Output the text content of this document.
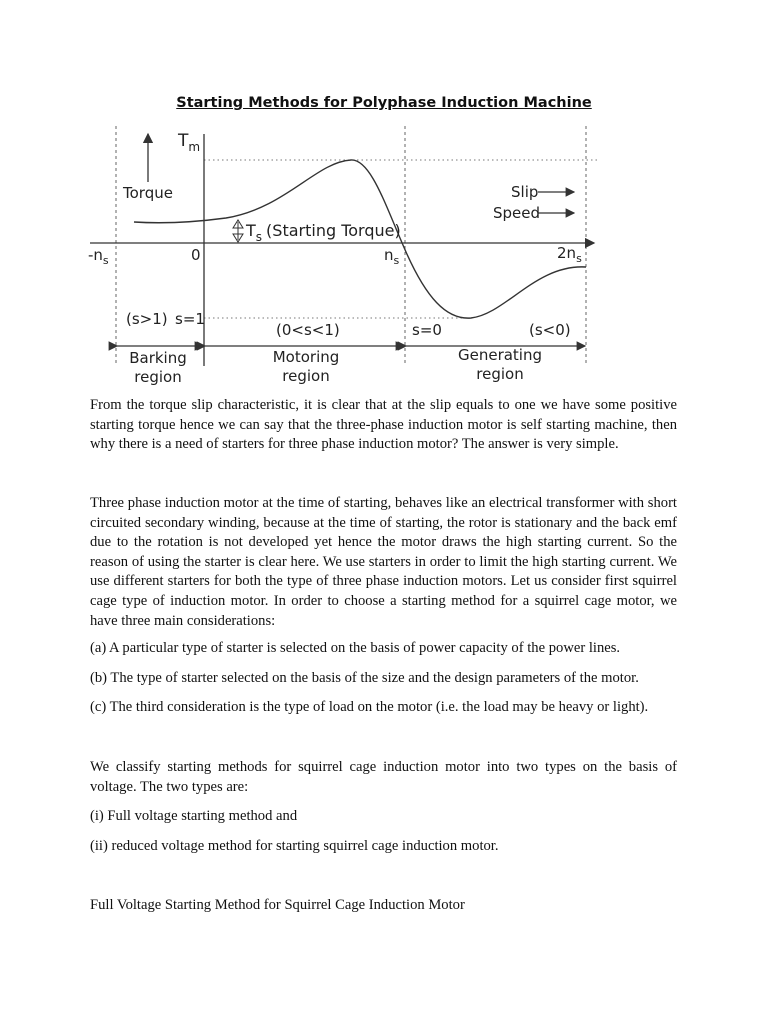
Starting Methods for Polyphase Induction Machine
$T_m$
Torque	Slip
Speed
$T_s$ (Starting Torque)
$-n_s$	0	$n_s$	$2n_s$
(s>1) s=1
(0<s<1)	s=0	(s<0)
Barking
region
Motoring
region
Generating
region

From the torque slip characteristic, it is clear that at the slip equals to one we have some positive starting torque hence we can say that the three-phase induction motor is self starting machine, then why there is a need of starters for three phase induction motor? The answer is very simple.

Three phase induction motor at the time of starting, behaves like an electrical transformer with short circuited secondary winding, because at the time of starting, the rotor is stationary and the back emf due to the rotation is not developed yet hence the motor draws the high starting current. So the reason of using the starter is clear here. We use starters in order to limit the high starting current. We use different starters for both the type of three phase induction motors. Let us consider first squirrel cage type of induction motor. In order to choose a starting method for a squirrel cage motor, we have three main considerations:

(a) A particular type of starter is selected on the basis of power capacity of the power lines.

(b) The type of starter selected on the basis of the size and the design parameters of the motor.

(c) The third consideration is the type of load on the motor (i.e. the load may be heavy or light).

We classify starting methods for squirrel cage induction motor into two types on the basis of voltage. The two types are:

(i) Full voltage starting method and

(ii) reduced voltage method for starting squirrel cage induction motor.

Full Voltage Starting Method for Squirrel Cage Induction Motor
